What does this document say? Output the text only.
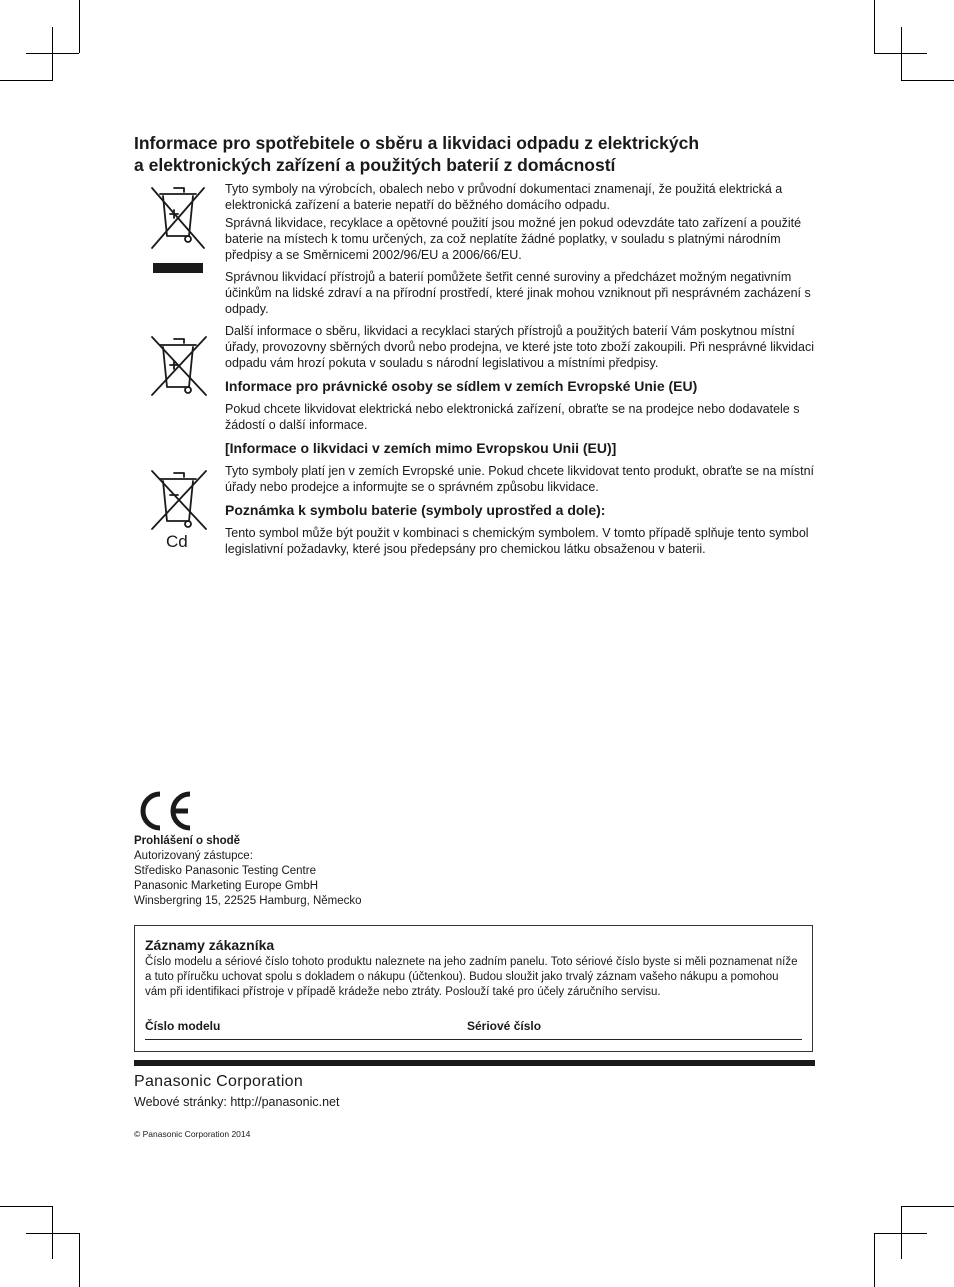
Informace pro spotřebitele o sběru a likvidaci odpadu z elektrických
a elektronických zařízení a použitých baterií z domácností
Cd

Tyto symboly na výrobcích, obalech nebo v průvodní dokumentaci znamenají, že použitá elektrická a elektronická zařízení a baterie nepatří do běžného domácího odpadu.

Správná likvidace, recyklace a opětovné použití jsou možné jen pokud odevzdáte tato zařízení a použité baterie na místech k tomu určených, za což neplatíte žádné poplatky, v souladu s platnými národním předpisy a se Směrnicemi 2002/96/EU a 2006/66/EU.

Správnou likvidací přístrojů a baterií pomůžete šetřit cenné suroviny a předcházet možným negativním účinkům na lidské zdraví a na přírodní prostředí, které jinak mohou vzniknout při nesprávném zacházení s odpady.

Další informace o sběru, likvidaci a recyklaci starých přístrojů a použitých baterií Vám poskytnou místní úřady, provozovny sběrných dvorů nebo prodejna, ve které jste toto zboží zakoupili. Při nesprávné likvidaci odpadu vám hrozí pokuta v souladu s národní legislativou a místními předpisy.

Informace pro právnické osoby se sídlem v zemích Evropské Unie (EU)

Pokud chcete likvidovat elektrická nebo elektronická zařízení, obraťte se na prodejce nebo dodavatele s žádostí o další informace.

[Informace o likvidaci v zemích mimo Evropskou Unii (EU)]

Tyto symboly platí jen v zemích Evropské unie. Pokud chcete likvidovat tento produkt, obraťte se na místní úřady nebo prodejce a informujte se o správném způsobu likvidace.

Poznámka k symbolu baterie (symboly uprostřed a dole):

Tento symbol může být použit v kombinaci s chemickým symbolem. V tomto případě splňuje tento symbol legislativní požadavky, které jsou předepsány pro chemickou látku obsaženou v baterii.

Prohlášení o shodě
Autorizovaný zástupce:
Středisko Panasonic Testing Centre
Panasonic Marketing Europe GmbH
Winsbergring 15, 22525 Hamburg, Německo
Záznamy zákazníka
Číslo modelu a sériové číslo tohoto produktu naleznete na jeho zadním panelu. Toto sériové číslo byste si měli poznamenat níže a tuto příručku uchovat spolu s dokladem o nákupu (účtenkou). Budou sloužit jako trvalý záznam vašeho nákupu a pomohou vám při identifikaci přístroje v případě krádeže nebo ztráty. Poslouží také pro účely záručního servisu.
Číslo modelu	Sériové číslo
Panasonic Corporation
Webové stránky: http://panasonic.net
© Panasonic Corporation 2014
